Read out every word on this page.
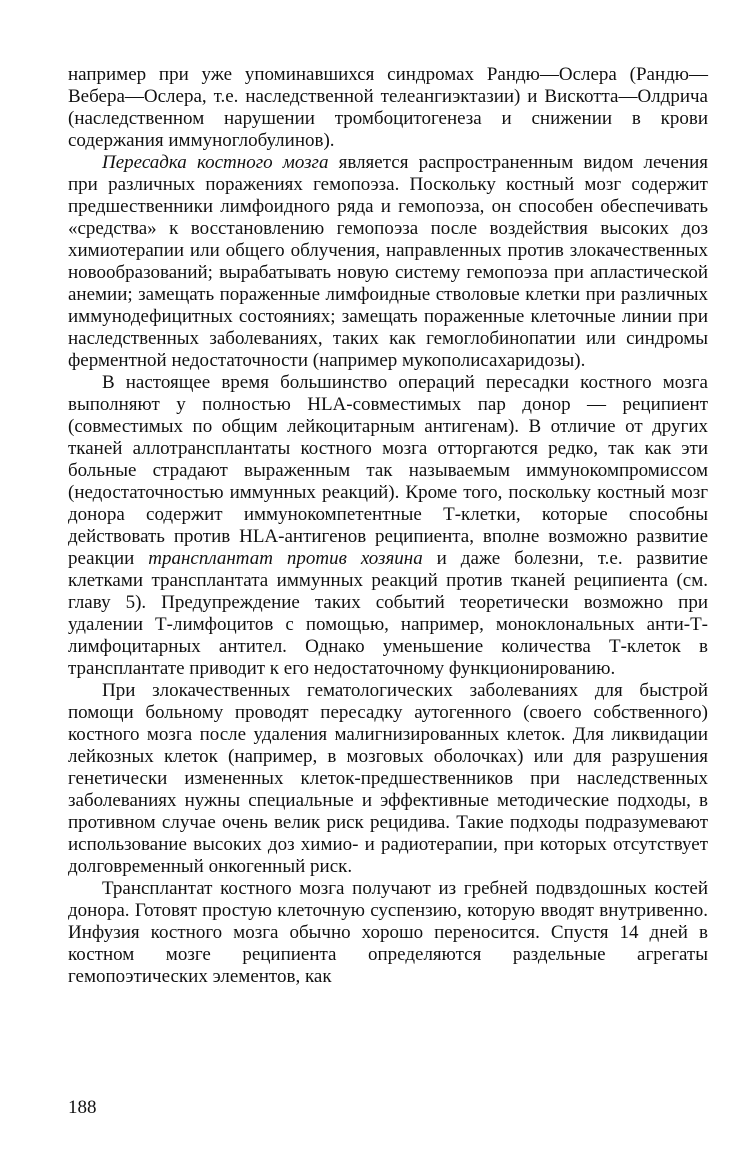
например при уже упоминавшихся синдромах Рандю—Ослера (Рандю—Вебера—Ослера, т.е. наследственной телеангиэктазии) и Вискотта—Олдрича (наследственном нарушении тромбоцитогенеза и снижении в крови содержания иммуноглобулинов).

Пересадка костного мозга является распространенным видом лечения при различных поражениях гемопоэза. Поскольку костный мозг содержит предшественники лимфоидного ряда и гемопоэза, он способен обеспечивать «средства» к восстановлению гемопоэза после воздействия высоких доз химиотерапии или общего облучения, направленных против злокачественных новообразований; вырабатывать новую систему гемопоэза при апластической анемии; замещать пораженные лимфоидные стволовые клетки при различных иммунодефицитных состояниях; замещать пораженные клеточные линии при наследственных заболеваниях, таких как гемоглобинопатии или синдромы ферментной недостаточности (например мукополисахаридозы).

В настоящее время большинство операций пересадки костного мозга выполняют у полностью HLA-совместимых пар донор — реципиент (совместимых по общим лейкоцитарным антигенам). В отличие от других тканей аллотрансплантаты костного мозга отторгаются редко, так как эти больные страдают выраженным так называемым иммунокомпромиссом (недостаточностью иммунных реакций). Кроме того, поскольку костный мозг донора содержит иммунокомпетентные Т-клетки, которые способны действовать против HLA-антигенов реципиента, вполне возможно развитие реакции трансплантат против хозяина и даже болезни, т.е. развитие клетками трансплантата иммунных реакций против тканей реципиента (см. главу 5). Предупреждение таких событий теоретически возможно при удалении Т-лимфоцитов с помощью, например, моноклональных анти-Т-лимфоцитарных антител. Однако уменьшение количества Т-клеток в трансплантате приводит к его недостаточному функционированию.

При злокачественных гематологических заболеваниях для быстрой помощи больному проводят пересадку аутогенного (своего собственного) костного мозга после удаления малигнизированных клеток. Для ликвидации лейкозных клеток (например, в мозговых оболочках) или для разрушения генетически измененных клеток-предшественников при наследственных заболеваниях нужны специальные и эффективные методические подходы, в противном случае очень велик риск рецидива. Такие подходы подразумевают использование высоких доз химио- и радиотерапии, при которых отсутствует долговременный онкогенный риск.

Трансплантат костного мозга получают из гребней подвздошных костей донора. Готовят простую клеточную суспензию, которую вводят внутривенно. Инфузия костного мозга обычно хорошо переносится. Спустя 14 дней в костном мозге реципиента определяются раздельные агрегаты гемопоэтических элементов, как

188
